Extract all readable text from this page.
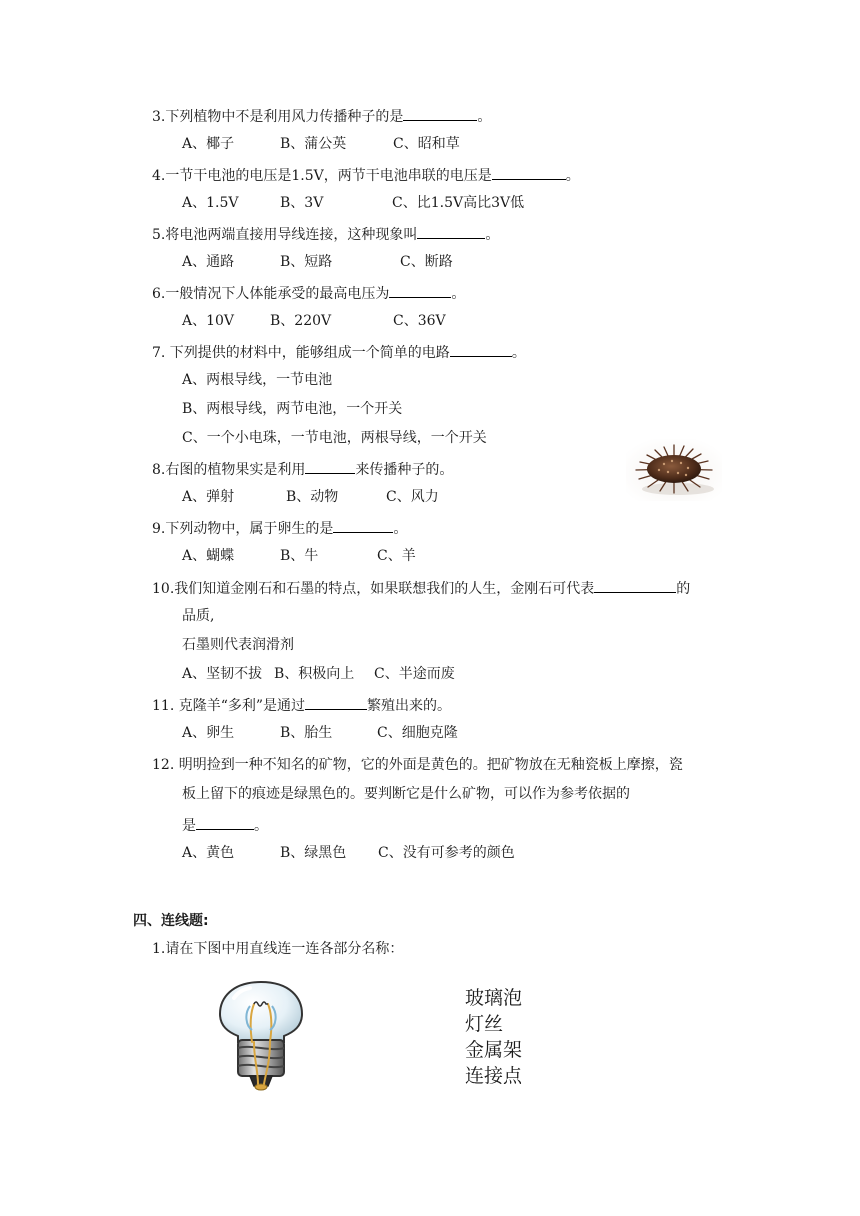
3.下列植物中不是利用风力传播种子的是	。
A、椰子	B、蒲公英	C、昭和草
4.一节干电池的电压是1.5V，两节干电池串联的电压是	。
A、1.5V	B、3V	C、比1.5V高比3V低
5.将电池两端直接用导线连接，这种现象叫	。
A、通路	B、短路	C、断路
6.一般情况下人体能承受的最高电压为	。
A、10V	B、220V	C、36V
7. 下列提供的材料中，能够组成一个简单的电路	。
A、两根导线，一节电池
B、两根导线，两节电池，一个开关
C、一个小电珠，一节电池，两根导线，一个开关
8.右图的植物果实是利用	来传播种子的。
A、弹射	B、动物	C、风力
9.下列动物中，属于卵生的是	。
A、蝴蝶	B、牛	C、羊
10.我们知道金刚石和石墨的特点，如果联想我们的人生，金刚石可代表	的
品质,
石墨则代表润滑剂
A、坚韧不拔 B、积极向上 C、半途而废
11. 克隆羊“多利”是通过	繁殖出来的。
A、卵生	B、胎生	C、细胞克隆
12. 明明捡到一种不知名的矿物，它的外面是黄色的。把矿物放在无釉瓷板上摩擦，瓷
板上留下的痕迹是绿黑色的。要判断它是什么矿物，可以作为参考依据的
是	。
A、黄色	B、绿黑色 C、没有可参考的颜色
四、连线题:
1.请在下图中用直线连一连各部分名称：
玻璃泡
灯丝
金属架
连接点
